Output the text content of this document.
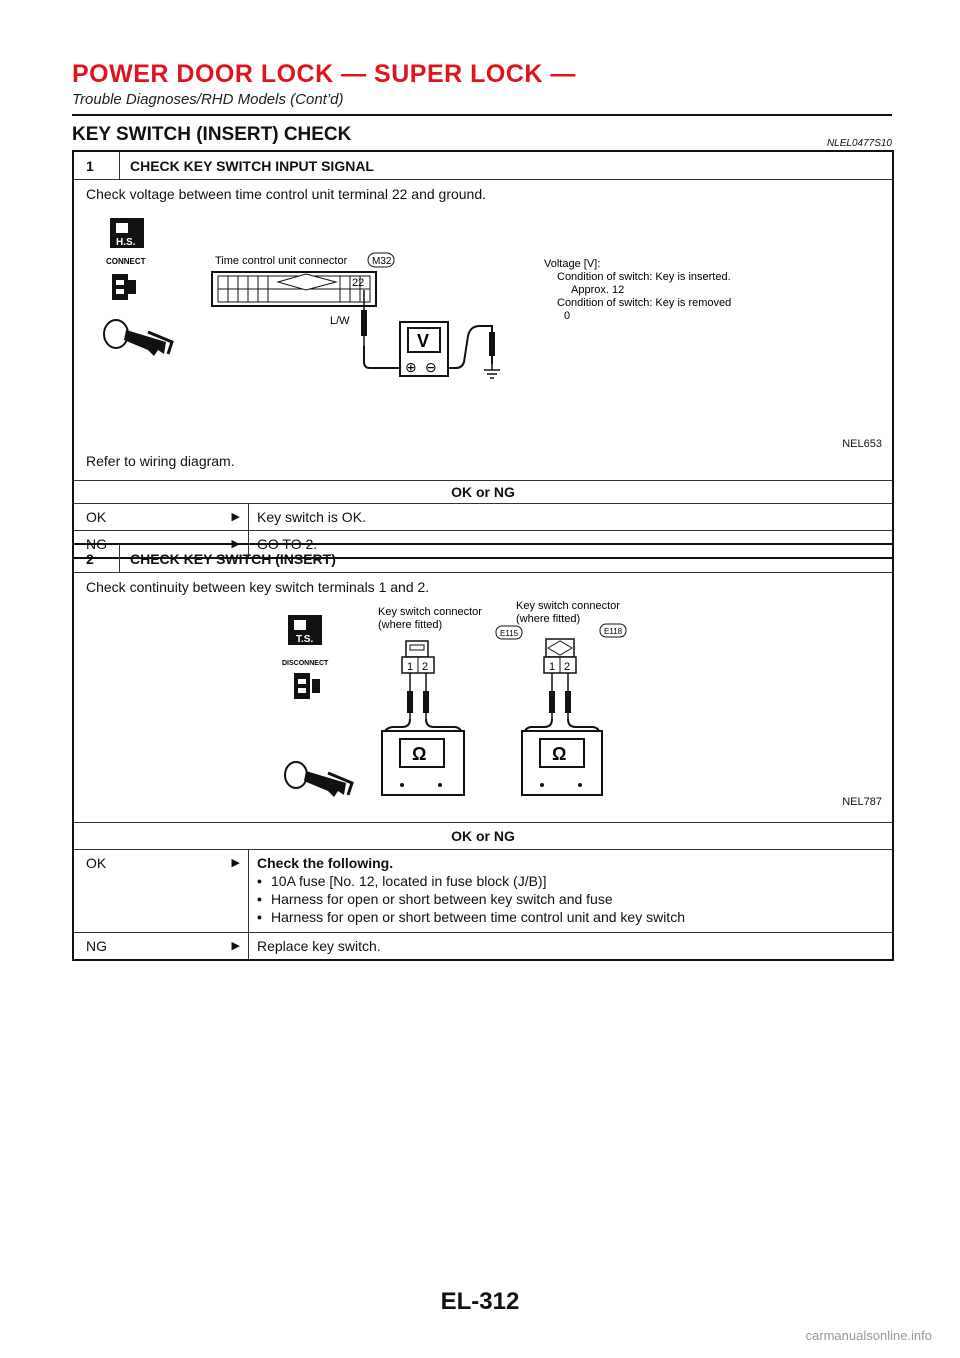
POWER DOOR LOCK — SUPER LOCK —
Trouble Diagnoses/RHD Models (Cont’d)
KEY SWITCH (INSERT) CHECK	NLEL0477S10
1	CHECK KEY SWITCH INPUT SIGNAL
Check voltage between time control unit terminal 22 and ground.
H.S.
CONNECT	Time control unit connector M32
22
L/W
V
⊕ ⊖
Voltage [V]:
Condition of switch: Key is inserted.
Approx. 12
Condition of switch: Key is removed
0
NEL653
Refer to wiring diagram.
OK or NG
OK	▶	Key switch is OK.
NG	▶	GO TO 2.
2	CHECK KEY SWITCH (INSERT)
Check continuity between key switch terminals 1 and 2.
T.S.
DISCONNECT
Key switch connector
(where fitted)
E115
1 2
Ω
Key switch connector
(where fitted)
E118
1 2
Ω
NEL787
OK or NG
OK	▶ Check the following.
• 10A fuse [No. 12, located in fuse block (J/B)]
• Harness for open or short between key switch and fuse
• Harness for open or short between time control unit and key switch
NG	▶	Replace key switch.
EL-312
carmanualsonline.info
